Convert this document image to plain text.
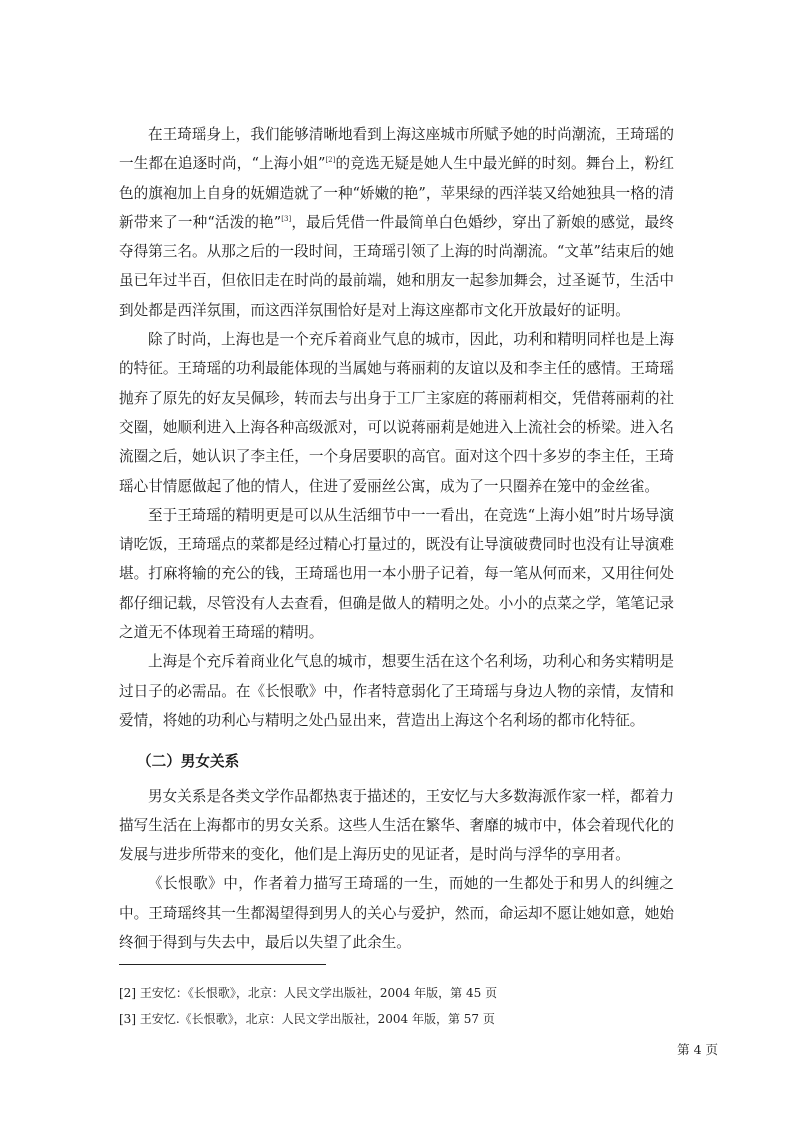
在王琦瑶身上，我们能够清晰地看到上海这座城市所赋予她的时尚潮流，王琦瑶的一生都在追逐时尚，“上海小姐”[2]的竞选无疑是她人生中最光鲜的时刻。舞台上，粉红色的旗袍加上自身的妩媚造就了一种“娇嫩的艳”，苹果绿的西洋装又给她独具一格的清新带来了一种“活泼的艳”[3]，最后凭借一件最简单白色婚纱，穿出了新娘的感觉，最终夺得第三名。从那之后的一段时间，王琦瑶引领了上海的时尚潮流。“文革”结束后的她虽已年过半百，但依旧走在时尚的最前端，她和朋友一起参加舞会，过圣诞节，生活中到处都是西洋氛围，而这西洋氛围恰好是对上海这座都市文化开放最好的证明。

除了时尚，上海也是一个充斥着商业气息的城市，因此，功利和精明同样也是上海的特征。王琦瑶的功利最能体现的当属她与蒋丽莉的友谊以及和李主任的感情。王琦瑶抛弃了原先的好友吴佩珍，转而去与出身于工厂主家庭的蒋丽莉相交，凭借蒋丽莉的社交圈，她顺利进入上海各种高级派对，可以说蒋丽莉是她进入上流社会的桥梁。进入名流圈之后，她认识了李主任，一个身居要职的高官。面对这个四十多岁的李主任，王琦瑶心甘情愿做起了他的情人，住进了爱丽丝公寓，成为了一只圈养在笼中的金丝雀。

至于王琦瑶的精明更是可以从生活细节中一一看出，在竞选“上海小姐”时片场导演请吃饭，王琦瑶点的菜都是经过精心打量过的，既没有让导演破费同时也没有让导演难堪。打麻将输的充公的钱，王琦瑶也用一本小册子记着，每一笔从何而来，又用往何处都仔细记载，尽管没有人去查看，但确是做人的精明之处。小小的点菜之学，笔笔记录之道无不体现着王琦瑶的精明。

上海是个充斥着商业化气息的城市，想要生活在这个名利场，功利心和务实精明是过日子的必需品。在《长恨歌》中，作者特意弱化了王琦瑶与身边人物的亲情，友情和爱情，将她的功利心与精明之处凸显出来，营造出上海这个名利场的都市化特征。

（二）男女关系

男女关系是各类文学作品都热衷于描述的，王安忆与大多数海派作家一样，都着力描写生活在上海都市的男女关系。这些人生活在繁华、奢靡的城市中，体会着现代化的发展与进步所带来的变化，他们是上海历史的见证者，是时尚与浮华的享用者。

《长恨歌》中，作者着力描写王琦瑶的一生，而她的一生都处于和男人的纠缠之中。王琦瑶终其一生都渴望得到男人的关心与爱护，然而，命运却不愿让她如意，她始终徊于得到与失去中，最后以失望了此余生。

[2] 王安忆：《长恨歌》，北京：人民文学出版社，2004 年版，第 45 页

[3] 王安忆.《长恨歌》，北京：人民文学出版社，2004 年版，第 57 页

第 4 页
